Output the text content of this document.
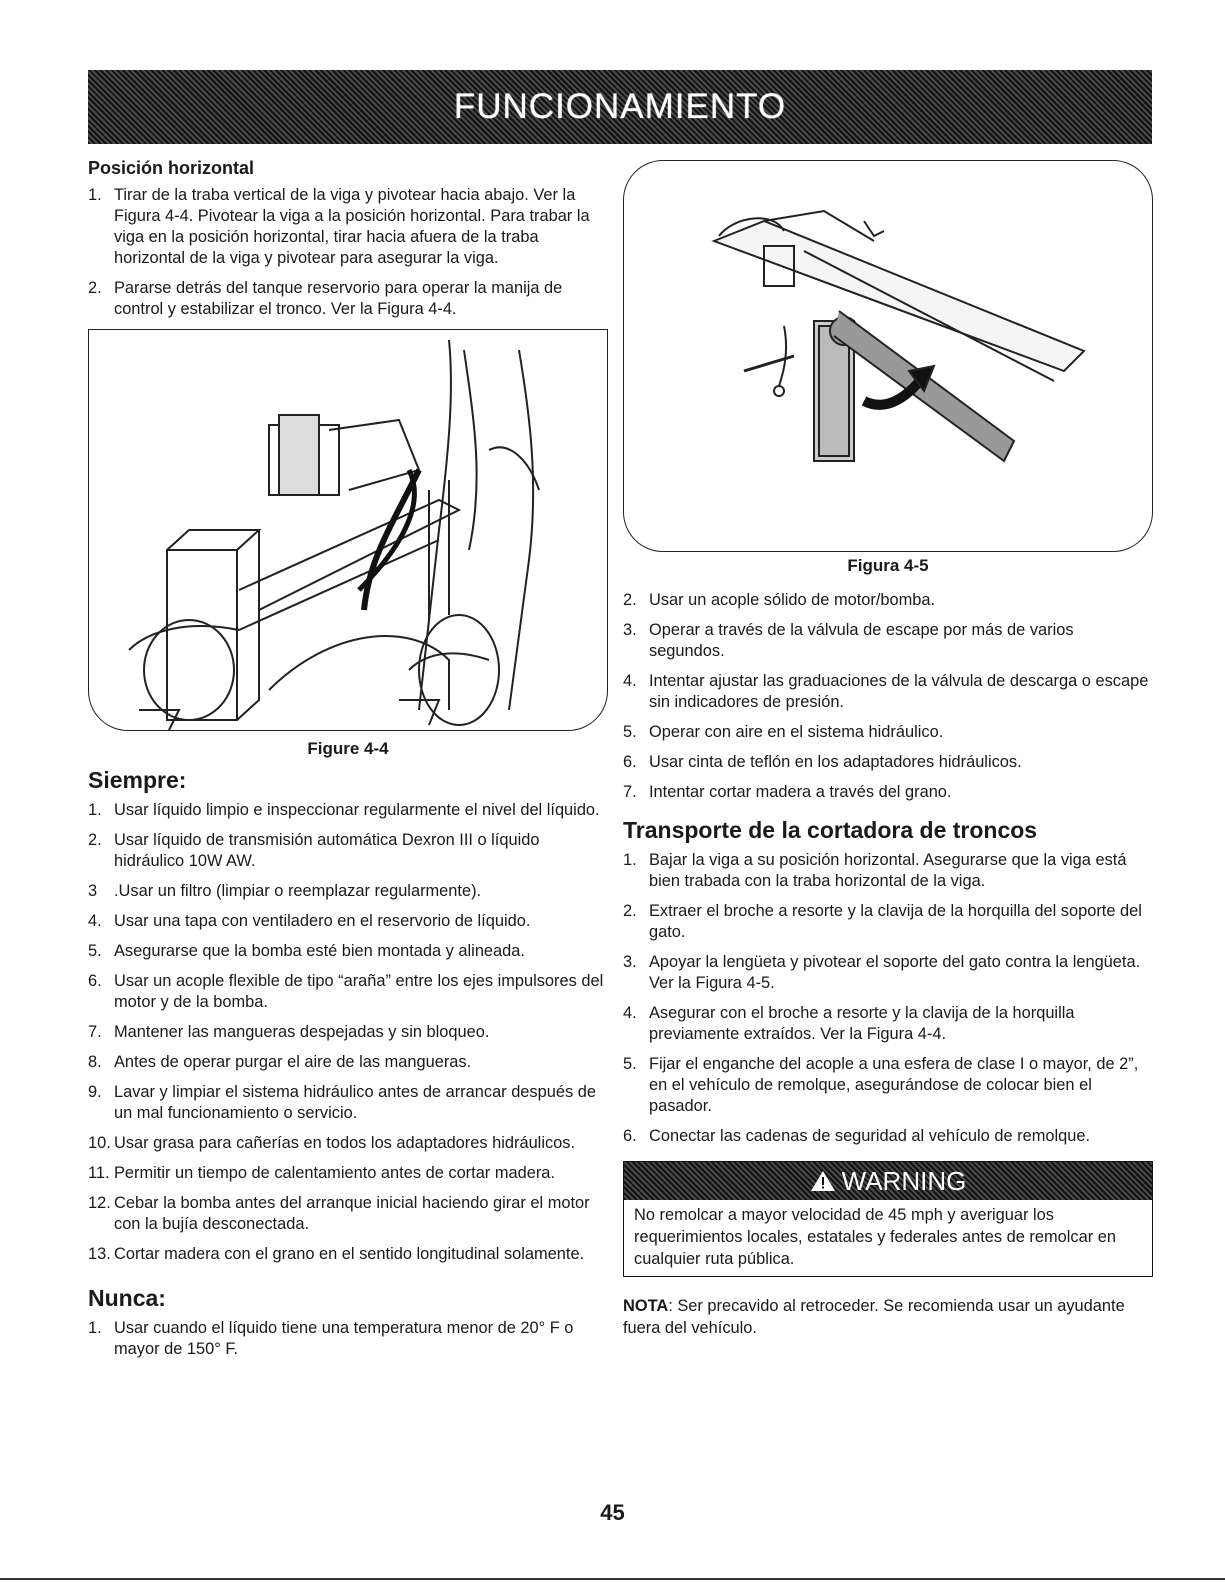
FUNCIONAMIENTO
Posición horizontal
1. Tirar de la traba vertical de la viga y pivotear hacia abajo. Ver la Figura 4-4. Pivotear la viga a la posición horizontal. Para trabar la viga en la posición horizontal, tirar hacia afuera de la traba horizontal de la viga y pivotear para asegurar la viga.
2. Pararse detrás del tanque reservorio para operar la manija de control y estabilizar el tronco. Ver la Figura 4-4.
Figure 4-4
Siempre:
1. Usar líquido limpio e inspeccionar regularmente el nivel del líquido.
2. Usar líquido de transmisión automática Dexron III o líquido hidráulico 10W AW.
3 .Usar un filtro (limpiar o reemplazar regularmente).
4. Usar una tapa con ventiladero en el reservorio de líquido.
5. Asegurarse que la bomba esté bien montada y alineada.
6. Usar un acople flexible de tipo “araña” entre los ejes impulsores del motor y de la bomba.
7. Mantener las mangueras despejadas y sin bloqueo.
8. Antes de operar purgar el aire de las mangueras.
9. Lavar y limpiar el sistema hidráulico antes de arrancar después de un mal funcionamiento o servicio.
10. Usar grasa para cañerías en todos los adaptadores hidráulicos.
11. Permitir un tiempo de calentamiento antes de cortar madera.
12. Cebar la bomba antes del arranque inicial haciendo girar el motor con la bujía desconectada.
13. Cortar madera con el grano en el sentido longitudinal solamente.
Nunca:
1. Usar cuando el líquido tiene una temperatura menor de 20° F o mayor de 150° F.
Figura 4-5
2. Usar un acople sólido de motor/bomba.
3. Operar a través de la válvula de escape por más de varios segundos.
4. Intentar ajustar las graduaciones de la válvula de descarga o escape sin indicadores de presión.
5. Operar con aire en el sistema hidráulico.
6. Usar cinta de teflón en los adaptadores hidráulicos.
7. Intentar cortar madera a través del grano.
Transporte de la cortadora de troncos
1. Bajar la viga a su posición horizontal. Asegurarse que la viga está bien trabada con la traba horizontal de la viga.
2. Extraer el broche a resorte y la clavija de la horquilla del soporte del gato.
3. Apoyar la lengüeta y pivotear el soporte del gato contra la lengüeta. Ver la Figura 4-5.
4. Asegurar con el broche a resorte y la clavija de la horquilla previamente extraídos. Ver la Figura 4-4.
5. Fijar el enganche del acople a una esfera de clase I o mayor, de 2”, en el vehículo de remolque, asegurándose de colocar bien el pasador.
6. Conectar las cadenas de seguridad al vehículo de remolque.
WARNING
No remolcar a mayor velocidad de 45 mph y averiguar los requerimientos locales, estatales y federales antes de remolcar en cualquier ruta pública.
NOTA: Ser precavido al retroceder. Se recomienda usar un ayudante fuera del vehículo.
45
